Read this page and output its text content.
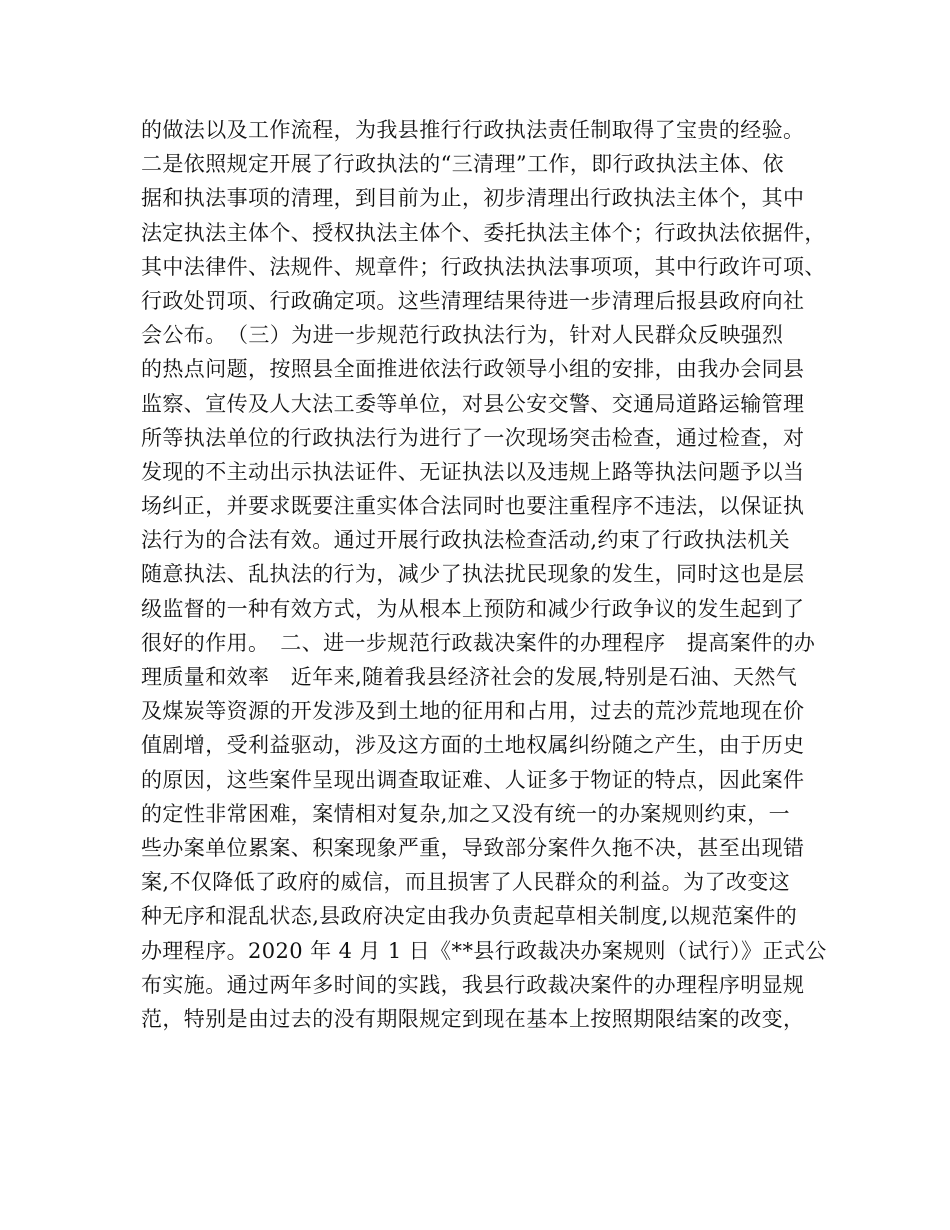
的做法以及工作流程，为我县推行行政执法责任制取得了宝贵的经验。
二是依照规定开展了行政执法的“三清理”工作，即行政执法主体、依
据和执法事项的清理，到目前为止，初步清理出行政执法主体个，其中
法定执法主体个、授权执法主体个、委托执法主体个；行政执法依据件，
其中法律件、法规件、规章件；行政执法执法事项项，其中行政许可项、
行政处罚项、行政确定项。这些清理结果待进一步清理后报县政府向社
会公布。　（三）为进一步规范行政执法行为，针对人民群众反映强烈
的热点问题，按照县全面推进依法行政领导小组的安排，由我办会同县
监察、宣传及人大法工委等单位，对县公安交警、交通局道路运输管理
所等执法单位的行政执法行为进行了一次现场突击检查，通过检查，对
发现的不主动出示执法证件、无证执法以及违规上路等执法问题予以当
场纠正，并要求既要注重实体合法同时也要注重程序不违法，以保证执
法行为的合法有效。通过开展行政执法检查活动,约束了行政执法机关
随意执法、乱执法的行为，减少了执法扰民现象的发生，同时这也是层
级监督的一种有效方式，为从根本上预防和减少行政争议的发生起到了
很好的作用。　二、进一步规范行政裁决案件的办理程序　提高案件的办
理质量和效率　近年来,随着我县经济社会的发展,特别是石油、天然气
及煤炭等资源的开发涉及到土地的征用和占用，过去的荒沙荒地现在价
值剧增，受利益驱动，涉及这方面的土地权属纠纷随之产生，由于历史
的原因，这些案件呈现出调查取证难、人证多于物证的特点，因此案件
的定性非常困难，案情相对复杂,加之又没有统一的办案规则约束，一
些办案单位累案、积案现象严重，导致部分案件久拖不决，甚至出现错
案,不仅降低了政府的威信，而且损害了人民群众的利益。为了改变这
种无序和混乱状态,县政府决定由我办负责起草相关制度,以规范案件的
办理程序。2020 年 4 月 1 日《**县行政裁决办案规则（试行）》正式公
布实施。通过两年多时间的实践，我县行政裁决案件的办理程序明显规
范，特别是由过去的没有期限规定到现在基本上按照期限结案的改变，
